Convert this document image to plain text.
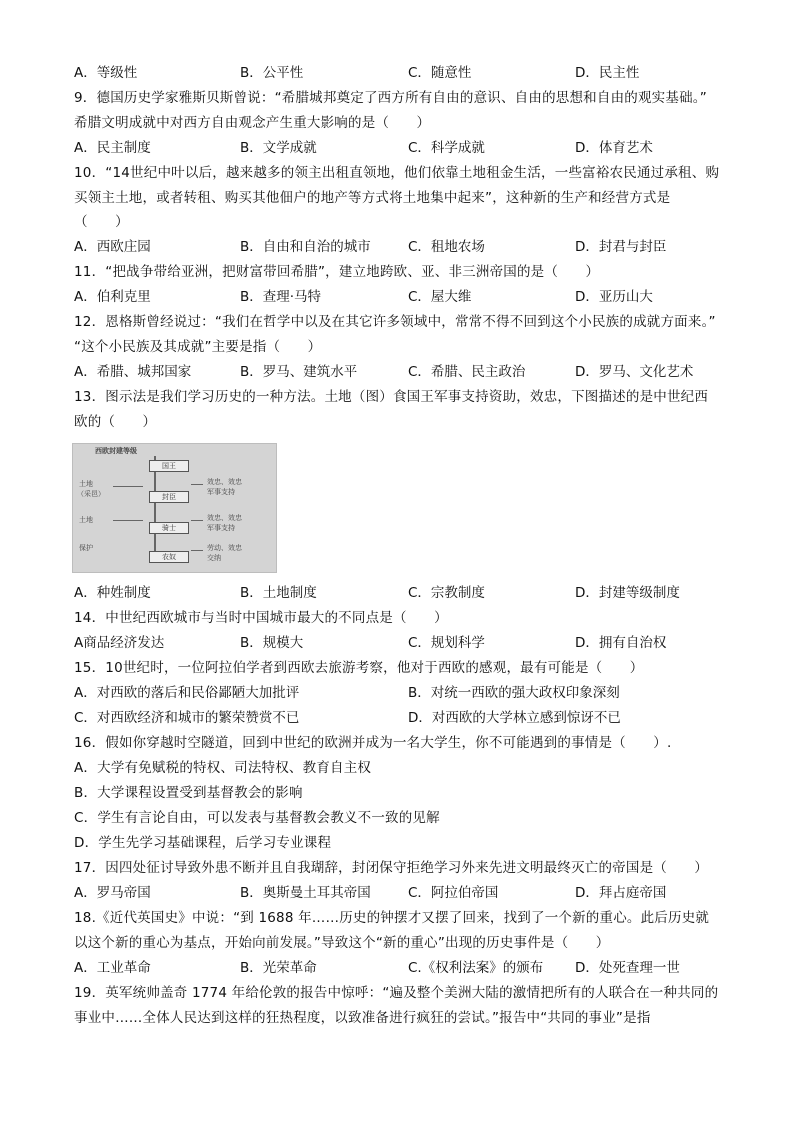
A．等级性	B．公平性	C．随意性	D．民主性
9．德国历史学家雅斯贝斯曾说：“希腊城邦奠定了西方所有自由的意识、自由的思想和自由的观实基础。”
希腊文明成就中对西方自由观念产生重大影响的是（　　）
A．民主制度	B．文学成就	C．科学成就	D．体育艺术
10．“14世纪中叶以后，越来越多的领主出租直领地，他们依靠土地租金生活，一些富裕农民通过承租、购
买领主土地，或者转租、购买其他佃户的地产等方式将土地集中起来”，这种新的生产和经营方式是
（　　）
A．西欧庄园	B．自由和自治的城市	C．租地农场	D．封君与封臣
11．“把战争带给亚洲，把财富带回希腊”，建立地跨欧、亚、非三洲帝国的是（　　）
A．伯利克里	B．查理·马特	C．屋大维	D．亚历山大
12．恩格斯曾经说过：“我们在哲学中以及在其它许多领域中，常常不得不回到这个小民族的成就方面来。”
“这个小民族及其成就”主要是指（　　）
A．希腊、城邦国家	B．罗马、建筑水平	C．希腊、民主政治	D．罗马、文化艺术
13．图示法是我们学习历史的一种方法。土地（图）食国王军事支持资助，效忠，下图描述的是中世纪西
欧的（　　）
西欧封建等级
国王
封臣
骑士
农奴
土地
（采邑）
土地
保护
效忠、效忠
军事支持
效忠、效忠
军事支持
劳动、效忠
交纳
A．种姓制度	B．土地制度	C．宗教制度	D．封建等级制度
14．中世纪西欧城市与当时中国城市最大的不同点是（　　）
A商品经济发达	B．规模大	C．规划科学	D．拥有自治权
15．10世纪时，一位阿拉伯学者到西欧去旅游考察，他对于西欧的感观，最有可能是（　　）
A．对西欧的落后和民俗鄙陋大加批评	B．对统一西欧的强大政权印象深刻
C．对西欧经济和城市的繁荣赞赏不已	D．对西欧的大学林立感到惊讶不已
16．假如你穿越时空隧道，回到中世纪的欧洲并成为一名大学生，你不可能遇到的事情是（　　）.
A．大学有免赋税的特权、司法特权、教育自主权
B．大学课程设置受到基督教会的影响
C．学生有言论自由，可以发表与基督教会教义不一致的见解
D．学生先学习基础课程，后学习专业课程
17．因四处征讨导致外患不断并且自我瑚辞，封闭保守拒绝学习外来先进文明最终灭亡的帝国是（　　）
A．罗马帝国	B．奥斯曼土耳其帝国	C．阿拉伯帝国	D．拜占庭帝国
18.《近代英国史》中说：“到 1688 年……历史的钟摆才又摆了回来，找到了一个新的重心。此后历史就
以这个新的重心为基点，开始向前发展。”导致这个“新的重心”出现的历史事件是（　　）
A．工业革命	B．光荣革命	C.《权利法案》的颁布 D．处死查理一世
19．英军统帅盖奇 1774 年给伦敦的报告中惊呼：“遍及整个美洲大陆的激情把所有的人联合在一种共同的
事业中……全体人民达到这样的狂热程度，以致准备进行疯狂的尝试。”报告中“共同的事业”是指
